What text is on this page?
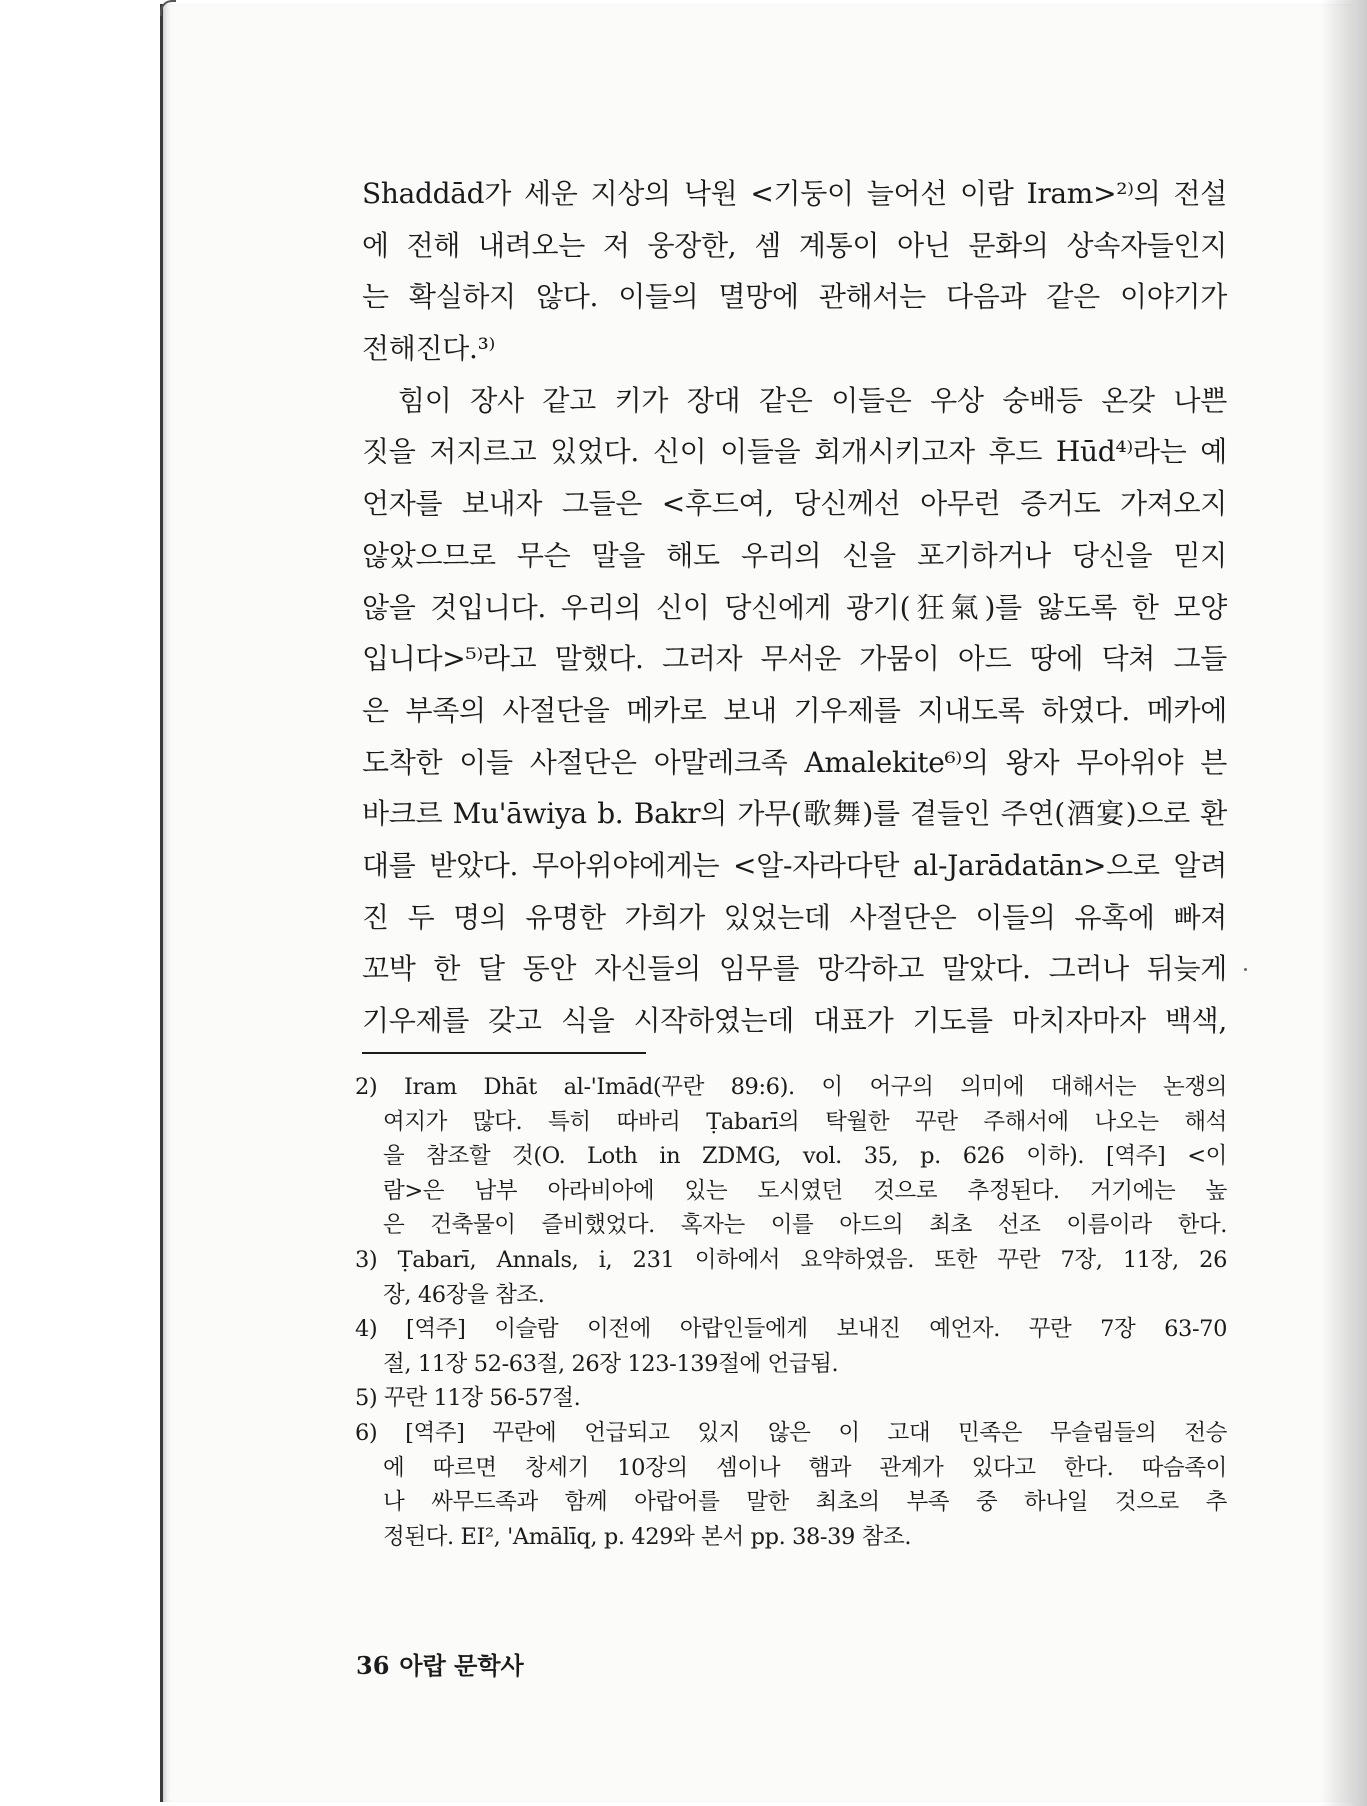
Shaddād가 세운 지상의 낙원 <기둥이 늘어선 이람 Iram>²⁾의 전설
에 전해 내려오는 저 웅장한, 셈 계통이 아닌 문화의 상속자들인지
는 확실하지 않다. 이들의 멸망에 관해서는 다음과 같은 이야기가
전해진다.³⁾
힘이 장사 같고 키가 장대 같은 이들은 우상 숭배등 온갖 나쁜
짓을 저지르고 있었다. 신이 이들을 회개시키고자 후드 Hūd⁴⁾라는 예
언자를 보내자 그들은 <후드여, 당신께선 아무런 증거도 가져오지
않았으므로 무슨 말을 해도 우리의 신을 포기하거나 당신을 믿지
않을 것입니다. 우리의 신이 당신에게 광기(狂氣)를 앓도록 한 모양
입니다>⁵⁾라고 말했다. 그러자 무서운 가뭄이 아드 땅에 닥쳐 그들
은 부족의 사절단을 메카로 보내 기우제를 지내도록 하였다. 메카에
도착한 이들 사절단은 아말레크족 Amalekite⁶⁾의 왕자 무아위야 븐
바크르 Mu'āwiya b. Bakr의 가무(歌舞)를 곁들인 주연(酒宴)으로 환
대를 받았다. 무아위야에게는 <알-자라다탄 al-Jarādatān>으로 알려
진 두 명의 유명한 가희가 있었는데 사절단은 이들의 유혹에 빠져
꼬박 한 달 동안 자신들의 임무를 망각하고 말았다. 그러나 뒤늦게
기우제를 갖고 식을 시작하였는데 대표가 기도를 마치자마자 백색,
2) Iram Dhāt al-'Imād(꾸란 89:6). 이 어구의 의미에 대해서는 논쟁의
여지가 많다. 특히 따바리 Ṭabarī의 탁월한 꾸란 주해서에 나오는 해석
을 참조할 것(O. Loth in ZDMG, vol. 35, p. 626 이하). [역주] <이
람>은 남부 아라비아에 있는 도시였던 것으로 추정된다. 거기에는 높
은 건축물이 즐비했었다. 혹자는 이를 아드의 최초 선조 이름이라 한다.
3) Ṭabarī, Annals, i, 231 이하에서 요약하였음. 또한 꾸란 7장, 11장, 26
장, 46장을 참조.
4) [역주] 이슬람 이전에 아랍인들에게 보내진 예언자. 꾸란 7장 63-70
절, 11장 52-63절, 26장 123-139절에 언급됨.
5) 꾸란 11장 56-57절.
6) [역주] 꾸란에 언급되고 있지 않은 이 고대 민족은 무슬림들의 전승
에 따르면 창세기 10장의 셈이나 햄과 관계가 있다고 한다. 따슴족이
나 싸무드족과 함께 아랍어를 말한 최초의 부족 중 하나일 것으로 추
정된다. EI², 'Amālīq, p. 429와 본서 pp. 38-39 참조.
36 아랍 문학사
